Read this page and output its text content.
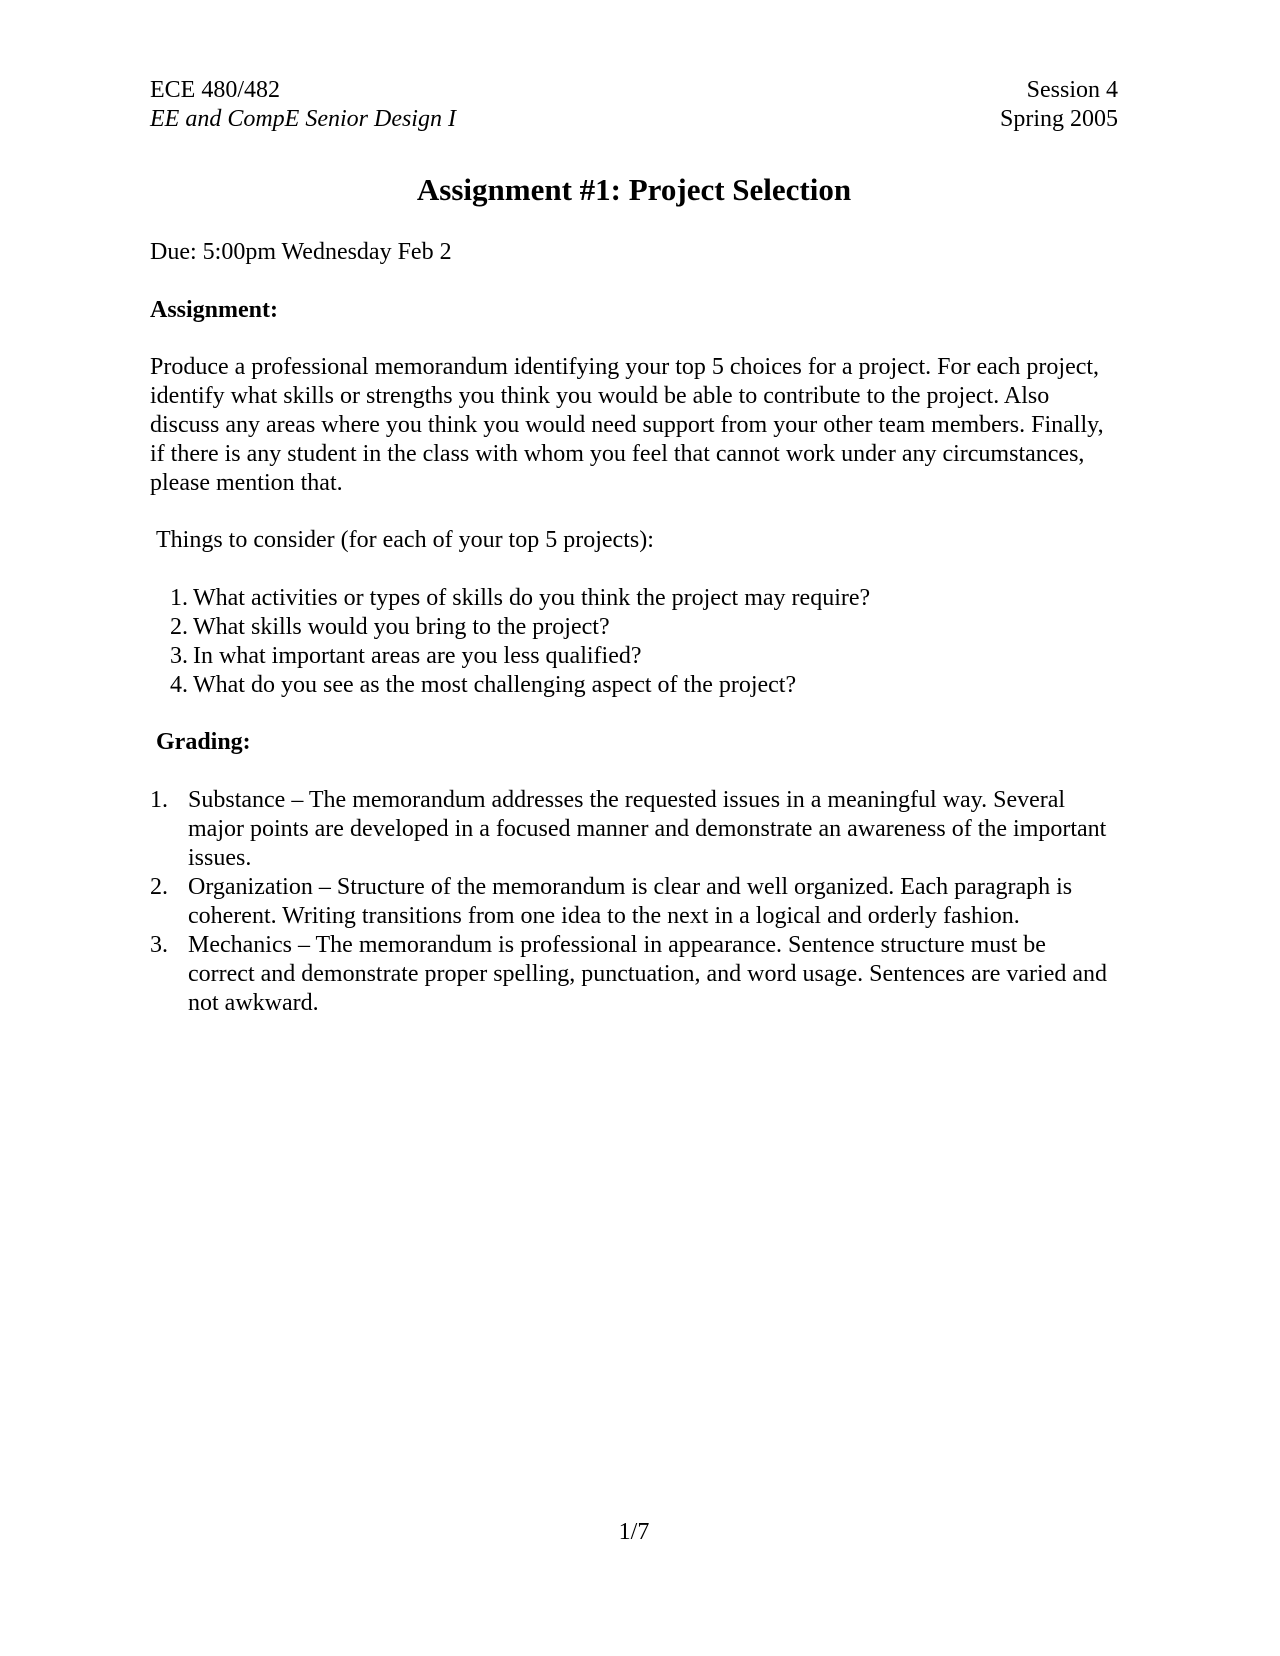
ECE 480/482	Session 4
EE and CompE Senior Design I	Spring 2005
Assignment #1: Project Selection
Due: 5:00pm Wednesday Feb 2
Assignment:
Produce a professional memorandum identifying your top 5 choices for a project. For each project, identify what skills or strengths you think you would be able to contribute to the project. Also discuss any areas where you think you would need support from your other team members. Finally, if there is any student in the class with whom you feel that cannot work under any circumstances, please mention that.
Things to consider (for each of your top 5 projects):
1. What activities or types of skills do you think the project may require?
2. What skills would you bring to the project?
3. In what important areas are you less qualified?
4. What do you see as the most challenging aspect of the project?
Grading:
1. Substance – The memorandum addresses the requested issues in a meaningful way. Several major points are developed in a focused manner and demonstrate an awareness of the important issues.
2. Organization – Structure of the memorandum is clear and well organized. Each paragraph is coherent. Writing transitions from one idea to the next in a logical and orderly fashion.
3. Mechanics – The memorandum is professional in appearance. Sentence structure must be correct and demonstrate proper spelling, punctuation, and word usage. Sentences are varied and not awkward.
1/7
